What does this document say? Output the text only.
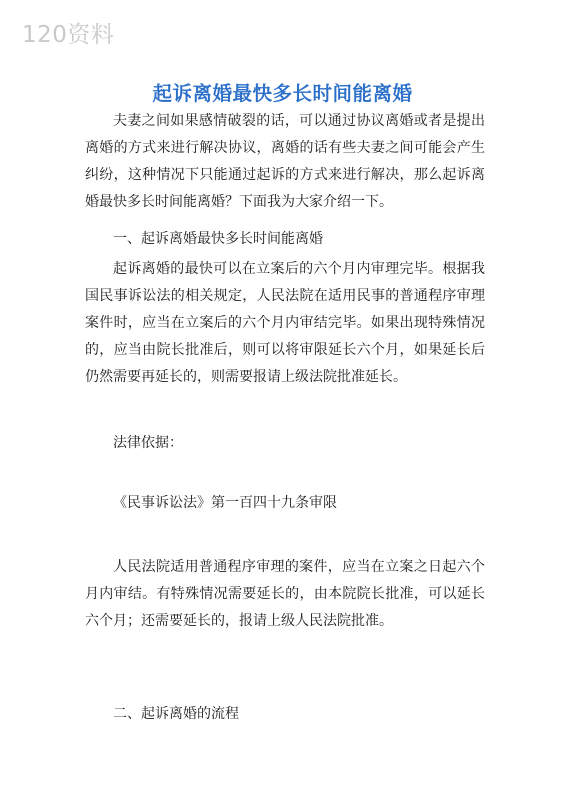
120资料
起诉离婚最快多长时间能离婚

夫妻之间如果感情破裂的话，可以通过协议离婚或者是提出离婚的方式来进行解决协议，离婚的话有些夫妻之间可能会产生纠纷，这种情况下只能通过起诉的方式来进行解决，那么起诉离婚最快多长时间能离婚？下面我为大家介绍一下。

一、起诉离婚最快多长时间能离婚

起诉离婚的最快可以在立案后的六个月内审理完毕。根据我国民事诉讼法的相关规定，人民法院在适用民事的普通程序审理案件时，应当在立案后的六个月内审结完毕。如果出现特殊情况的，应当由院长批准后，则可以将审限延长六个月，如果延长后仍然需要再延长的，则需要报请上级法院批准延长。

法律依据：

《民事诉讼法》第一百四十九条审限

人民法院适用普通程序审理的案件，应当在立案之日起六个月内审结。有特殊情况需要延长的，由本院院长批准，可以延长六个月；还需要延长的，报请上级人民法院批准。

二、起诉离婚的流程
